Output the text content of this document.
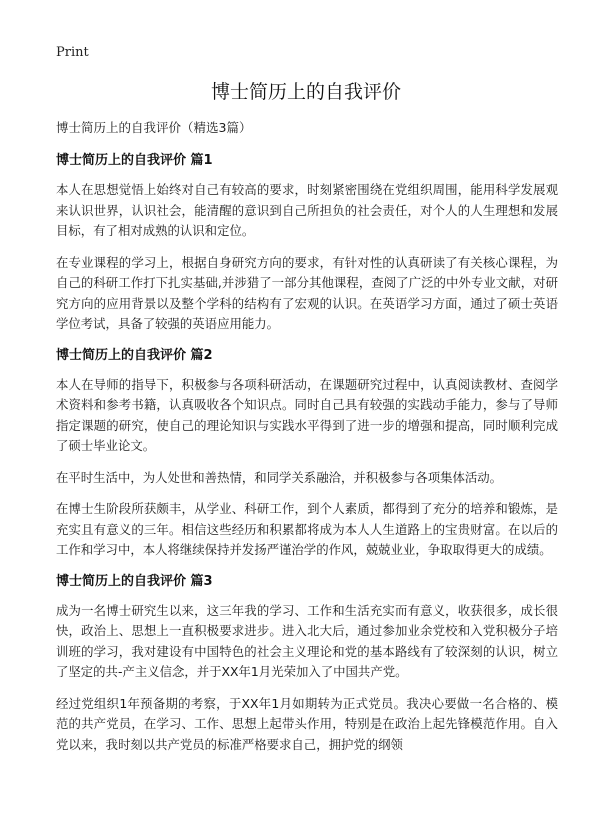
Print
博士简历上的自我评价
博士简历上的自我评价（精选3篇）
博士简历上的自我评价 篇1

本人在思想觉悟上始终对自己有较高的要求，时刻紧密围绕在党组织周围，能用科学发展观来认识世界，认识社会，能清醒的意识到自己所担负的社会责任，对个人的人生理想和发展目标，有了相对成熟的认识和定位。

在专业课程的学习上，根据自身研究方向的要求，有针对性的认真研读了有关核心课程，为自己的科研工作打下扎实基础,并涉猎了一部分其他课程，查阅了广泛的中外专业文献，对研究方向的应用背景以及整个学科的结构有了宏观的认识。在英语学习方面，通过了硕士英语学位考试，具备了较强的英语应用能力。

博士简历上的自我评价 篇2

本人在导师的指导下，积极参与各项科研活动，在课题研究过程中，认真阅读教材、查阅学术资料和参考书籍，认真吸收各个知识点。同时自己具有较强的实践动手能力，参与了导师指定课题的研究，使自己的理论知识与实践水平得到了进一步的增强和提高，同时顺利完成了硕士毕业论文。

在平时生活中，为人处世和善热情，和同学关系融洽，并积极参与各项集体活动。

在博士生阶段所获颇丰，从学业、科研工作，到个人素质，都得到了充分的培养和锻炼，是充实且有意义的三年。相信这些经历和积累都将成为本人人生道路上的宝贵财富。在以后的工作和学习中，本人将继续保持并发扬严谨治学的作风，兢兢业业，争取取得更大的成绩。

博士简历上的自我评价 篇3

成为一名博士研究生以来，这三年我的学习、工作和生活充实而有意义，收获很多，成长很快，政治上、思想上一直积极要求进步。进入北大后，通过参加业余党校和入党积极分子培训班的学习，我对建设有中国特色的社会主义理论和党的基本路线有了较深刻的认识，树立了坚定的共-产主义信念，并于XX年1月光荣加入了中国共产党。

经过党组织1年预备期的考察，于XX年1月如期转为正式党员。我决心要做一名合格的、模范的共产党员，在学习、工作、思想上起带头作用，特别是在政治上起先锋模范作用。自入党以来，我时刻以共产党员的标准严格要求自己，拥护党的纲领
